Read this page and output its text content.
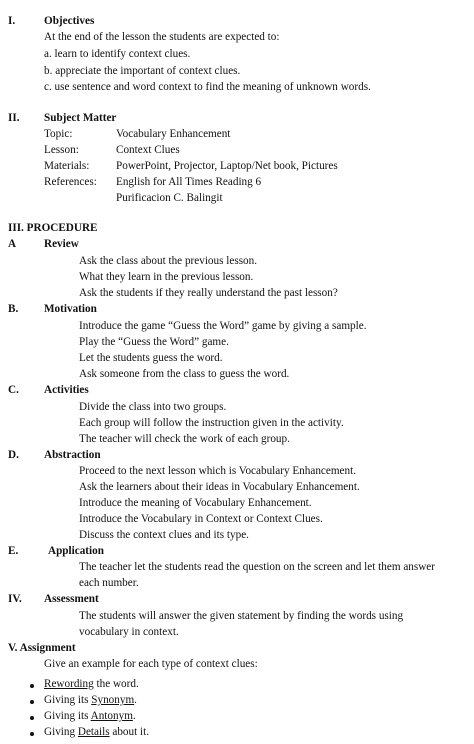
I.	Objectives
At the end of the lesson the students are expected to:
a. learn to identify context clues.
b. appreciate the important of context clues.
c. use sentence and word context to find the meaning of unknown words.
II. Subject Matter
Topic:	Vocabulary Enhancement
Lesson:	Context Clues
Materials: PowerPoint, Projector, Laptop/Net book, Pictures
References: English for All Times Reading 6
Purificacion C. Balingit
III. PROCEDURE
A Review
Ask the class about the previous lesson.
What they learn in the previous lesson.
Ask the students if they really understand the past lesson?
B. Motivation
Introduce the game “Guess the Word” game by giving a sample.
Play the “Guess the Word” game.
Let the students guess the word.
Ask someone from the class to guess the word.
C. Activities
Divide the class into two groups.
Each group will follow the instruction given in the activity.
The teacher will check the work of each group.
D. Abstraction
Proceed to the next lesson which is Vocabulary Enhancement.
Ask the learners about their ideas in Vocabulary Enhancement.
Introduce the meaning of Vocabulary Enhancement.
Introduce the Vocabulary in Context or Context Clues.
Discuss the context clues and its type.
E.	Application
The teacher let the students read the question on the screen and let them answer
each number.
IV. Assessment
The students will answer the given statement by finding the words using
vocabulary in context.
V. Assignment
Give an example for each type of context clues:
Rewording the word.
Giving its Synonym.
Giving its Antonym.
Giving Details about it.
